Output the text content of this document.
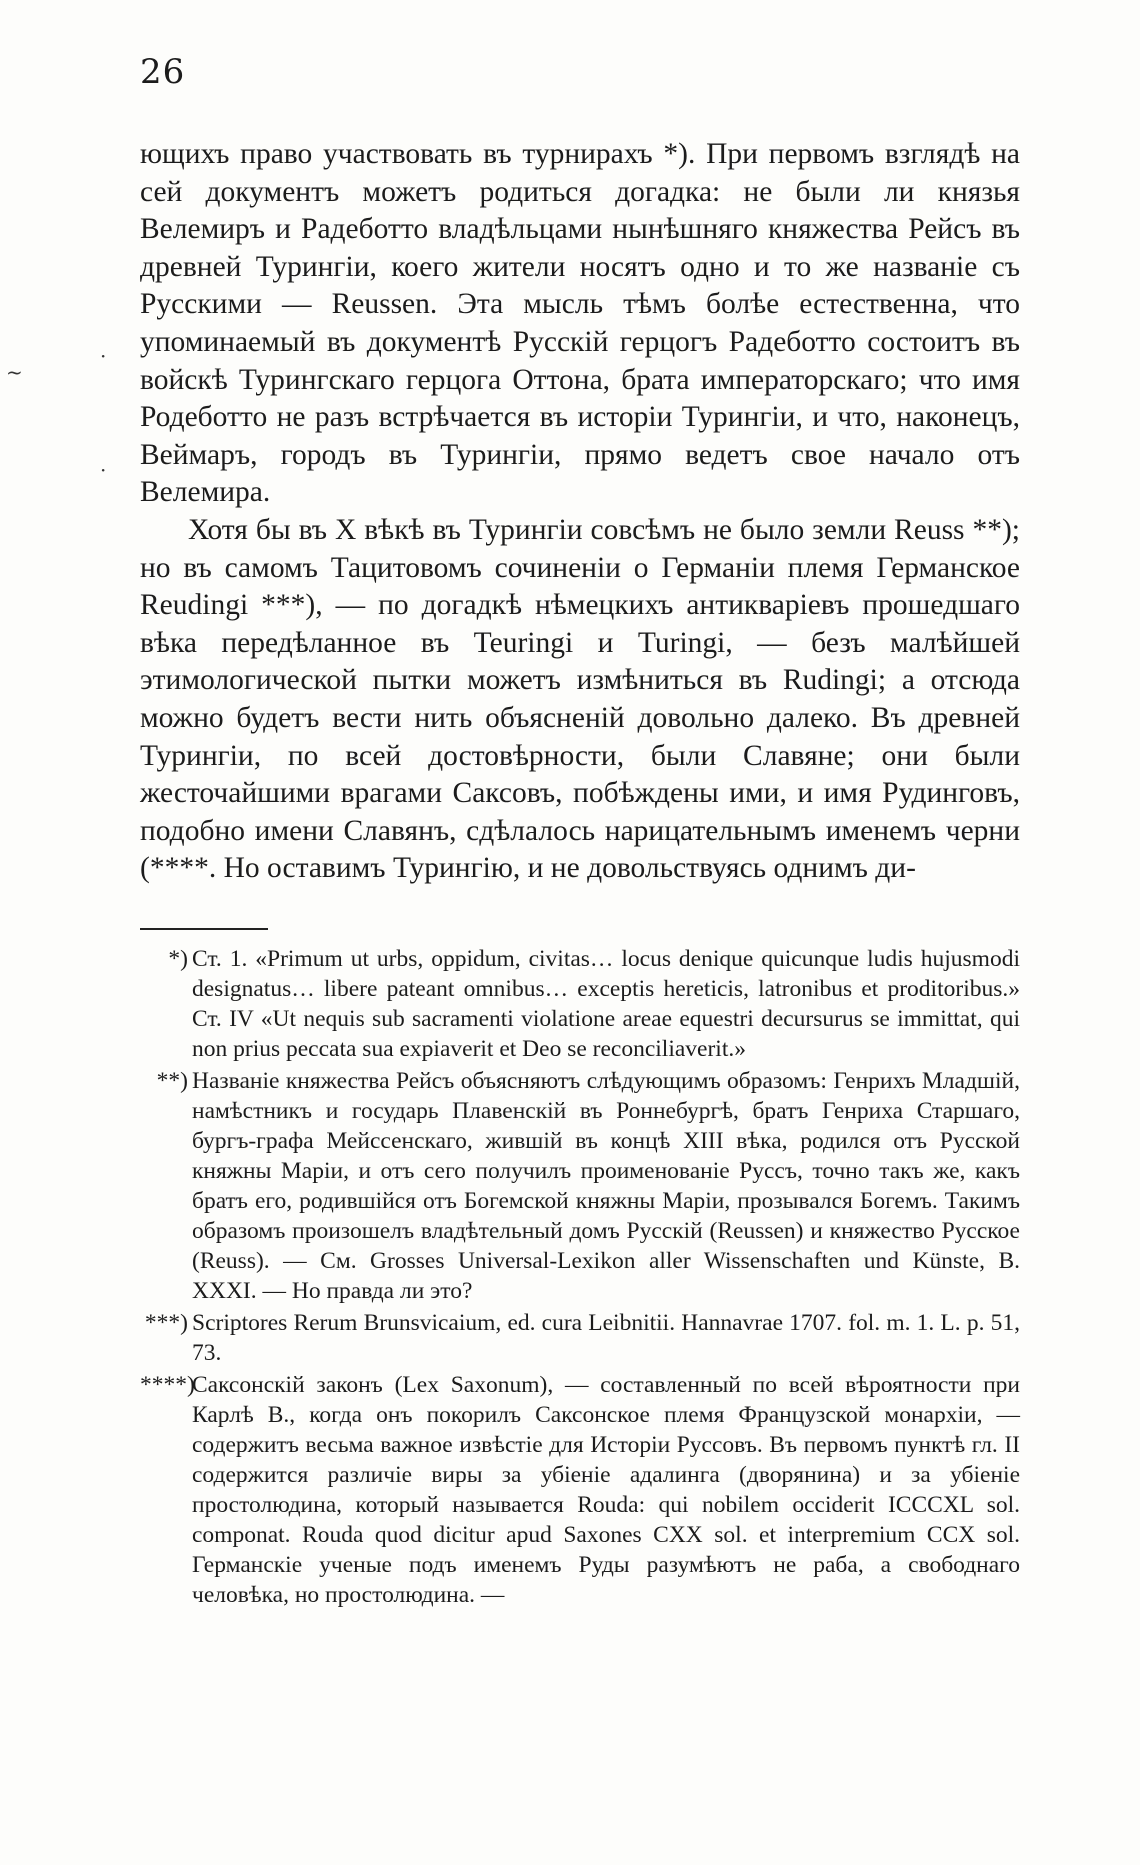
26

ющихъ право участвовать въ турнирахъ *). При первомъ взглядѣ на сей документъ можетъ родиться догадка: не были ли князья Велемиръ и Радеботто владѣльцами нынѣшняго княжества Рейсъ въ древней Турингіи, коего жители носятъ одно и то же названіе съ Русскими — Reussen. Эта мысль тѣмъ болѣе естественна, что упоминаемый въ документѣ Русскій герцогъ Радеботто состоитъ въ войскѣ Турингскаго герцога Оттона, брата императорскаго; что имя Родеботто не разъ встрѣчается въ исторіи Турингіи, и что, наконецъ, Веймаръ, городъ въ Турингіи, прямо ведетъ свое начало отъ Велемира.

Хотя бы въ X вѣкѣ въ Турингіи совсѣмъ не было земли Reuss **); но въ самомъ Тацитовомъ сочиненіи о Германіи племя Германское Reudingi ***), — по догадкѣ нѣмецкихъ антикваріевъ прошедшаго вѣка передѣланное въ Teuringi и Turingi, — безъ малѣйшей этимологической пытки можетъ измѣниться въ Rudingi; а отсюда можно будетъ вести нить объясненій довольно далеко. Въ древней Турингіи, по всей достовѣрности, были Славяне; они были жесточайшими врагами Саксовъ, побѣждены ими, и имя Рудинговъ, подобно имени Славянъ, сдѣлалось нарицательнымъ именемъ черни (****. Но оставимъ Турингію, и не довольствуясь однимъ ди-

*) Ст. 1. «Primum ut urbs, oppidum, civitas… locus denique quicunque ludis hujusmodi designatus… libere pateant omnibus… exceptis hereticis, latronibus et proditoribus.» Ст. IV «Ut nequis sub sacramenti violatione areae equestri decursurus se immittat, qui non prius peccata sua expiaverit et Deo se reconciliaverit.»
**) Названіе княжества Рейсъ объясняютъ слѣдующимъ образомъ: Генрихъ Младшій, намѣстникъ и государь Плавенскій въ Роннебургѣ, братъ Генриха Старшаго, бургъ-графа Мейссенскаго, жившій въ концѣ XIII вѣка, родился отъ Русской княжны Маріи, и отъ сего получилъ проименованіе Руссъ, точно такъ же, какъ братъ его, родившійся отъ Богемской княжны Маріи, прозывался Богемъ. Такимъ образомъ произошелъ владѣтельный домъ Русскій (Reussen) и княжество Русское (Reuss). — См. Grosses Universal-Lexikon aller Wissenschaften und Künste, B. XXXI. — Но правда ли это?
***) Scriptores Rerum Brunsvicaium, ed. cura Leibnitii. Hannavrae 1707. fol. m. 1. L. p. 51, 73.
****)
Саксонскій законъ (Lex Saxonum), — составленный по всей вѣроятности при Карлѣ В., когда онъ покорилъ Саксонское племя Французской монархіи, — содержитъ весьма важное извѣстіе для Исторіи Руссовъ. Въ первомъ пунктѣ гл. II содержится различіе виры за убіеніе адалинга (дворянина) и за убіеніе простолюдина, который называется Rouda: qui nobilem occiderit ICCCXL sol. componat. Rouda quod dicitur apud Saxones CXX sol. et interpremium CCX sol. Германскіе ученые подъ именемъ Руды разумѣютъ не раба, а свободнаго человѣка, но простолюдина. —
~
·
·
